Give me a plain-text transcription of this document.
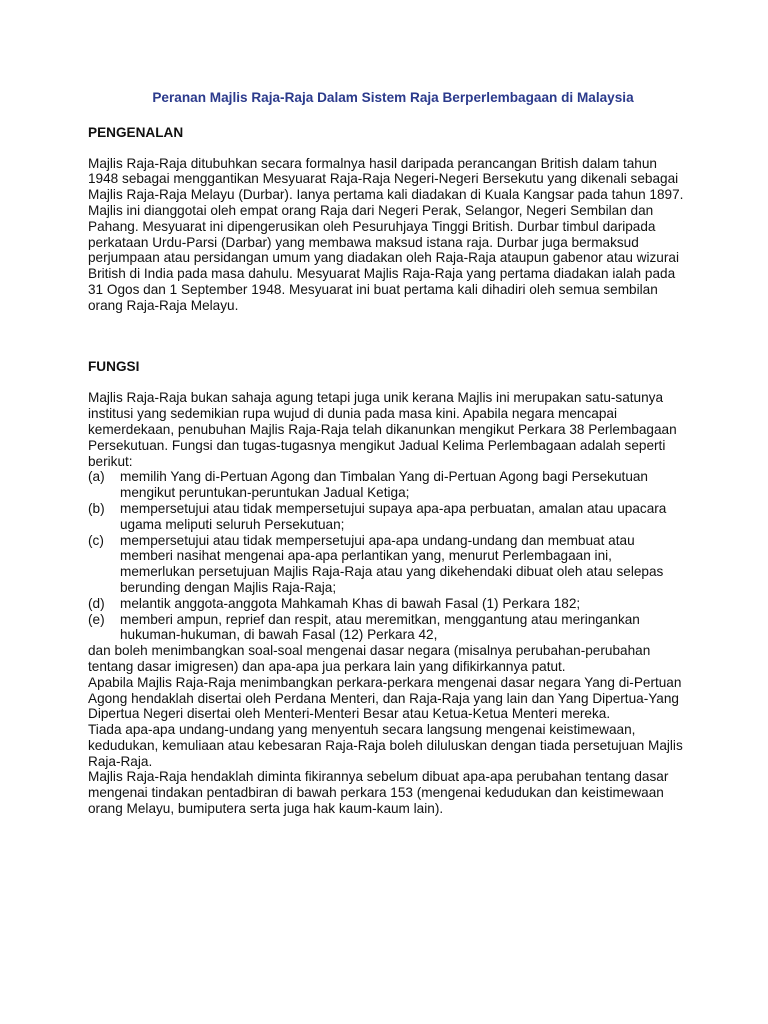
Peranan Majlis Raja-Raja Dalam Sistem Raja Berperlembagaan di Malaysia
PENGENALAN

Majlis Raja-Raja ditubuhkan secara formalnya hasil daripada perancangan British dalam tahun 1948 sebagai menggantikan Mesyuarat Raja-Raja Negeri-Negeri Bersekutu yang dikenali sebagai Majlis Raja-Raja Melayu (Durbar). Ianya pertama kali diadakan di Kuala Kangsar pada tahun 1897. Majlis ini dianggotai oleh empat orang Raja dari Negeri Perak, Selangor, Negeri Sembilan dan Pahang. Mesyuarat ini dipengerusikan oleh Pesuruhjaya Tinggi British. Durbar timbul daripada perkataan Urdu-Parsi (Darbar) yang membawa maksud istana raja. Durbar juga bermaksud perjumpaan atau persidangan umum yang diadakan oleh Raja-Raja ataupun gabenor atau wizurai British di India pada masa dahulu. Mesyuarat Majlis Raja-Raja yang pertama diadakan ialah pada 31 Ogos dan 1 September 1948. Mesyuarat ini buat pertama kali dihadiri oleh semua sembilan orang Raja-Raja Melayu.

FUNGSI

Majlis Raja-Raja bukan sahaja agung tetapi juga unik kerana Majlis ini merupakan satu-satunya institusi yang sedemikian rupa wujud di dunia pada masa kini. Apabila negara mencapai kemerdekaan, penubuhan Majlis Raja-Raja telah dikanunkan mengikut Perkara 38 Perlembagaan Persekutuan. Fungsi dan tugas-tugasnya mengikut Jadual Kelima Perlembagaan adalah seperti berikut:

(a)	memilih Yang di-Pertuan Agong dan Timbalan Yang di-Pertuan Agong bagi Persekutuan mengikut peruntukan-peruntukan Jadual Ketiga;
(b)	mempersetujui atau tidak mempersetujui supaya apa-apa perbuatan, amalan atau upacara ugama meliputi seluruh Persekutuan;
(c)	mempersetujui atau tidak mempersetujui apa-apa undang-undang dan membuat atau memberi nasihat mengenai apa-apa perlantikan yang, menurut Perlembagaan ini, memerlukan persetujuan Majlis Raja-Raja atau yang dikehendaki dibuat oleh atau selepas berunding dengan Majlis Raja-Raja;
(d)	melantik anggota-anggota Mahkamah Khas di bawah Fasal (1) Perkara 182;
(e)	memberi ampun, reprief dan respit, atau meremitkan, menggantung atau meringankan hukuman-hukuman, di bawah Fasal (12) Perkara 42,

dan boleh menimbangkan soal-soal mengenai dasar negara (misalnya perubahan-perubahan tentang dasar imigresen) dan apa-apa jua perkara lain yang difikirkannya patut.

Apabila Majlis Raja-Raja menimbangkan perkara-perkara mengenai dasar negara Yang di-Pertuan Agong hendaklah disertai oleh Perdana Menteri, dan Raja-Raja yang lain dan Yang Dipertua-Yang Dipertua Negeri disertai oleh Menteri-Menteri Besar atau Ketua-Ketua Menteri mereka.

Tiada apa-apa undang-undang yang menyentuh secara langsung mengenai keistimewaan, kedudukan, kemuliaan atau kebesaran Raja-Raja boleh diluluskan dengan tiada persetujuan Majlis Raja-Raja.

Majlis Raja-Raja hendaklah diminta fikirannya sebelum dibuat apa-apa perubahan tentang dasar mengenai tindakan pentadbiran di bawah perkara 153 (mengenai kedudukan dan keistimewaan orang Melayu, bumiputera serta juga hak kaum-kaum lain).
